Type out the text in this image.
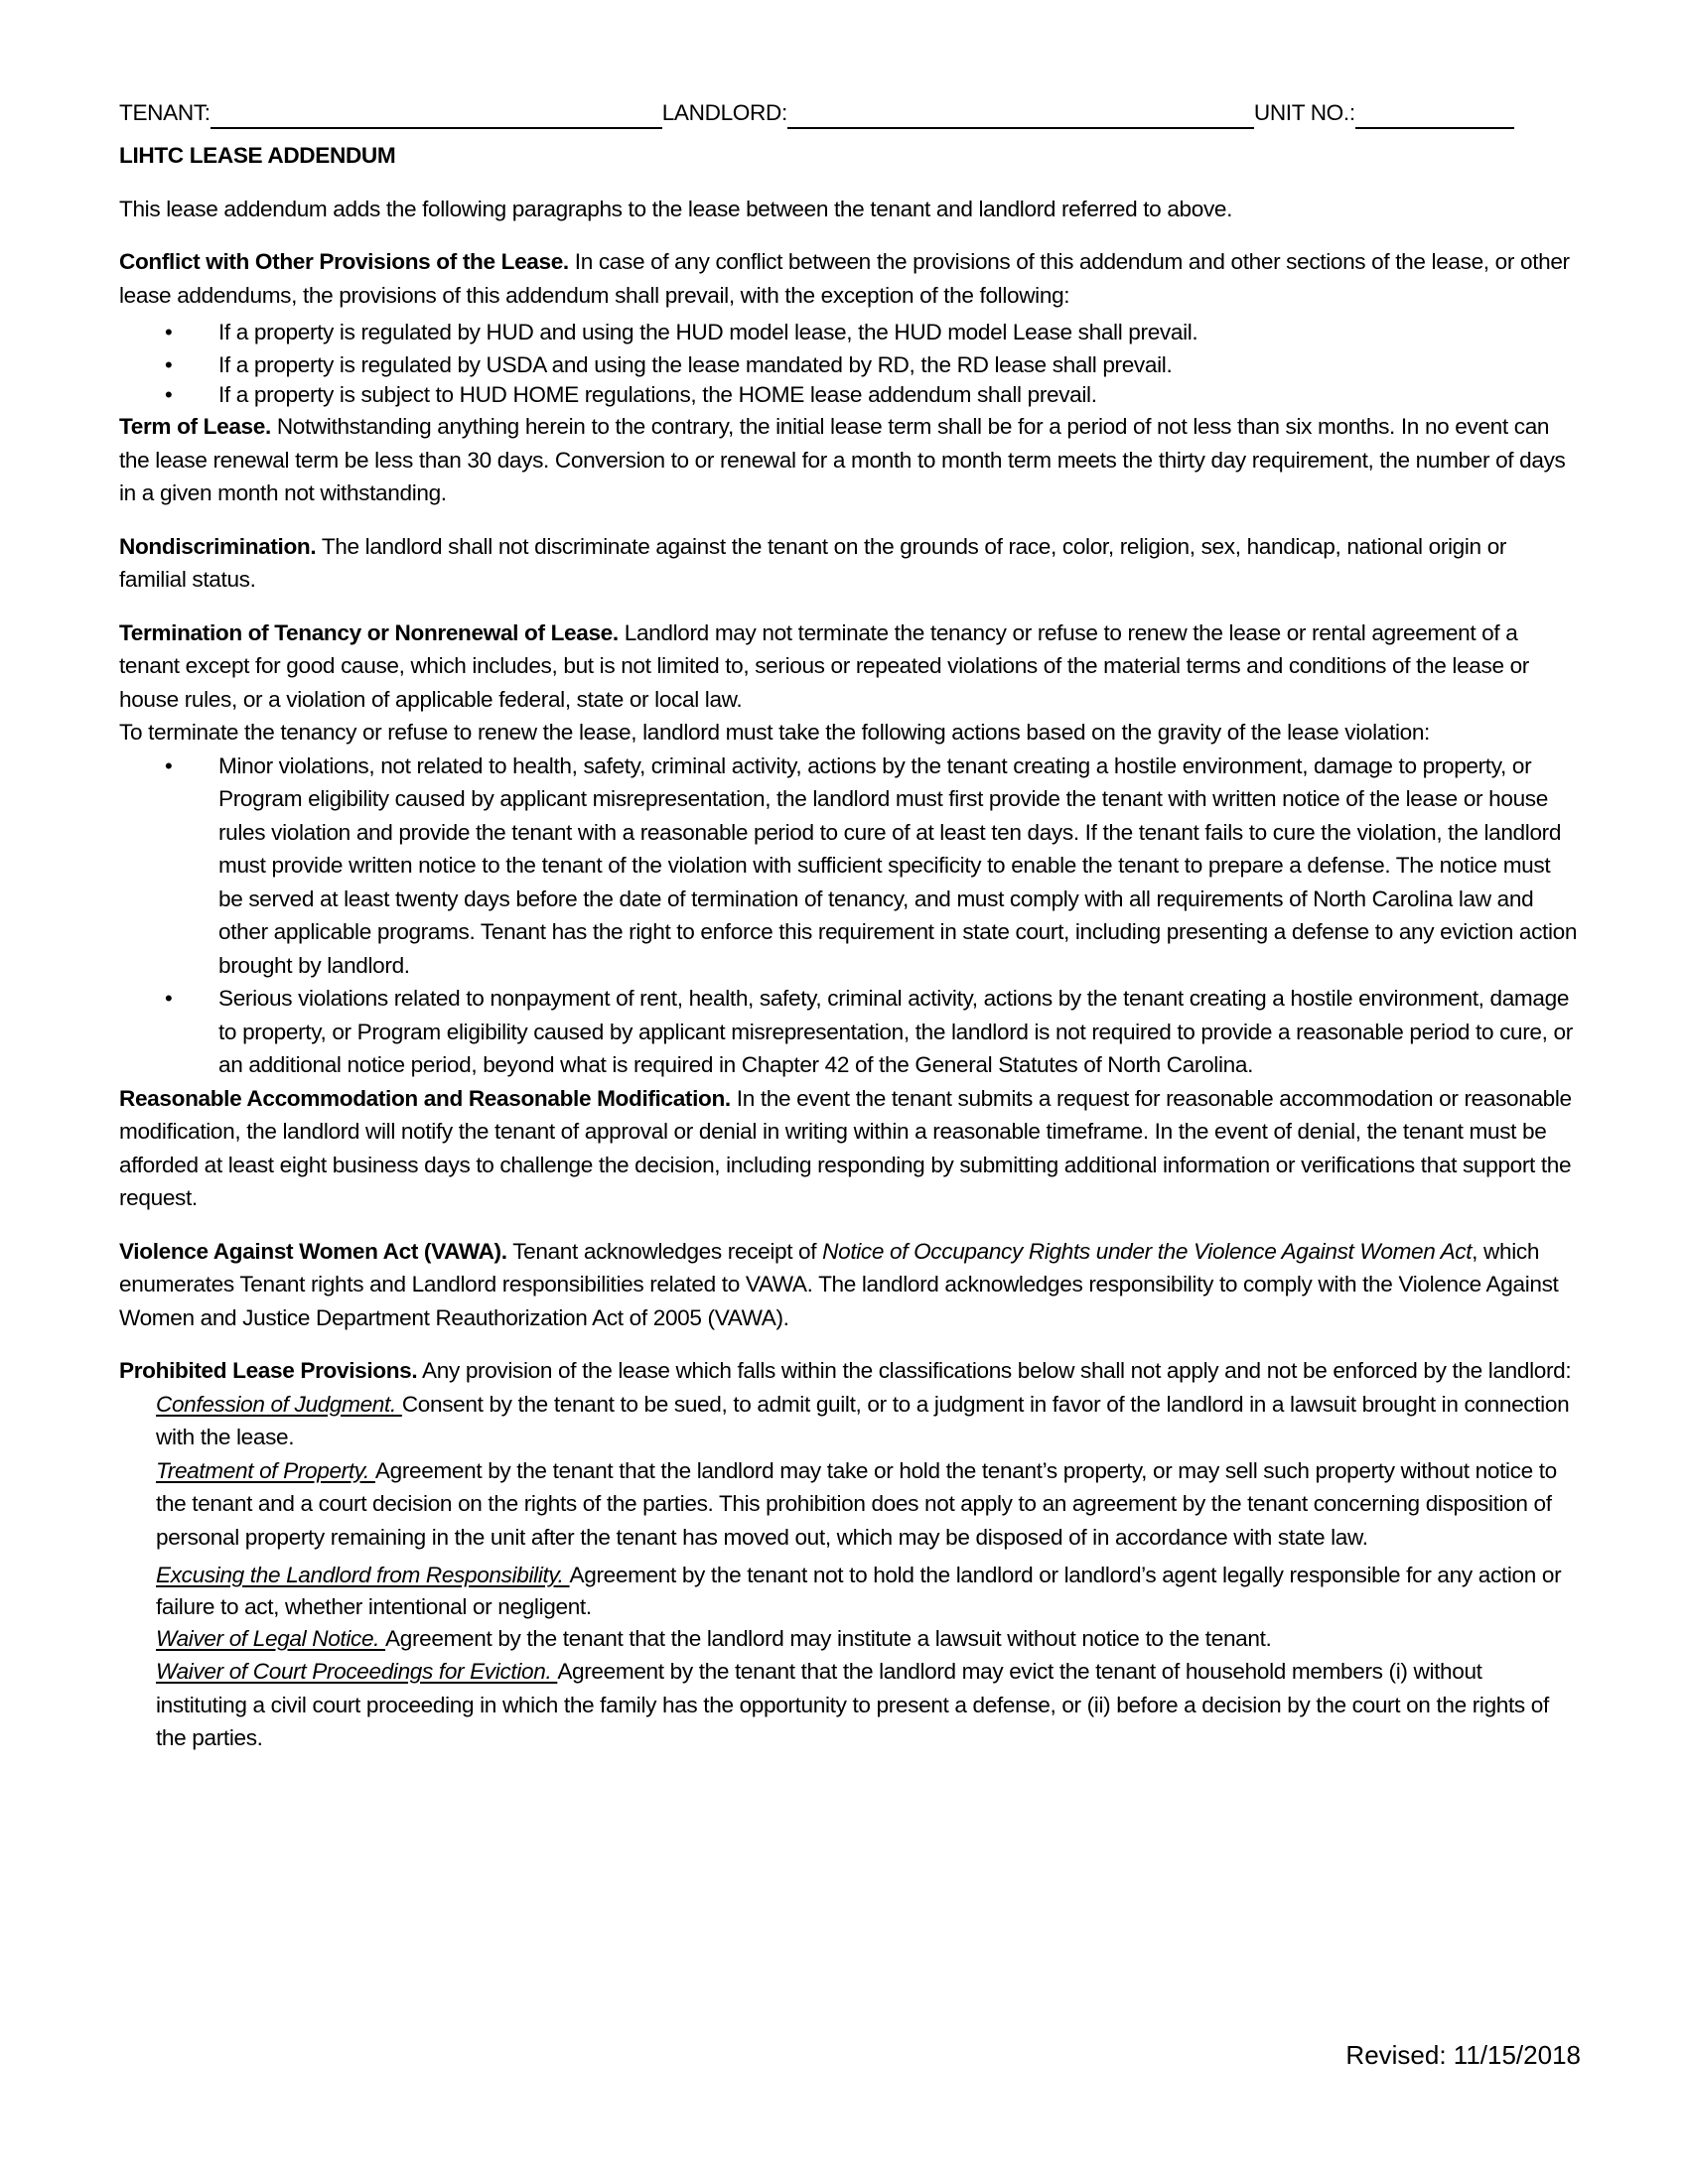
TENANT:	LANDLORD:	UNIT NO.:
LIHTC LEASE ADDENDUM

This lease addendum adds the following paragraphs to the lease between the tenant and landlord referred to above.

Conflict with Other Provisions of the Lease. In case of any conflict between the provisions of this addendum and other sections of the lease, or other lease addendums, the provisions of this addendum shall prevail, with the exception of the following:

• If a property is regulated by HUD and using the HUD model lease, the HUD model Lease shall prevail.
• If a property is regulated by USDA and using the lease mandated by RD, the RD lease shall prevail.
• If a property is subject to HUD HOME regulations, the HOME lease addendum shall prevail.

Term of Lease. Notwithstanding anything herein to the contrary, the initial lease term shall be for a period of not less than six months. In no event can the lease renewal term be less than 30 days. Conversion to or renewal for a month to month term meets the thirty day requirement, the number of days in a given month not withstanding.

Nondiscrimination. The landlord shall not discriminate against the tenant on the grounds of race, color, religion, sex, handicap, national origin or familial status.

Termination of Tenancy or Nonrenewal of Lease. Landlord may not terminate the tenancy or refuse to renew the lease or rental agreement of a tenant except for good cause, which includes, but is not limited to, serious or repeated violations of the material terms and conditions of the lease or house rules, or a violation of applicable federal, state or local law.

To terminate the tenancy or refuse to renew the lease, landlord must take the following actions based on the gravity of the lease violation:

• Minor violations, not related to health, safety, criminal activity, actions by the tenant creating a hostile environment, damage to property, or Program eligibility caused by applicant misrepresentation, the landlord must first provide the tenant with written notice of the lease or house rules violation and provide the tenant with a reasonable period to cure of at least ten days. If the tenant fails to cure the violation, the landlord must provide written notice to the tenant of the violation with sufficient specificity to enable the tenant to prepare a defense. The notice must be served at least twenty days before the date of termination of tenancy, and must comply with all requirements of North Carolina law and other applicable programs. Tenant has the right to enforce this requirement in state court, including presenting a defense to any eviction action brought by landlord.
• Serious violations related to nonpayment of rent, health, safety, criminal activity, actions by the tenant creating a hostile environment, damage to property, or Program eligibility caused by applicant misrepresentation, the landlord is not required to provide a reasonable period to cure, or an additional notice period, beyond what is required in Chapter 42 of the General Statutes of North Carolina.

Reasonable Accommodation and Reasonable Modification. In the event the tenant submits a request for reasonable accommodation or reasonable modification, the landlord will notify the tenant of approval or denial in writing within a reasonable timeframe. In the event of denial, the tenant must be afforded at least eight business days to challenge the decision, including responding by submitting additional information or verifications that support the request.

Violence Against Women Act (VAWA). Tenant acknowledges receipt of Notice of Occupancy Rights under the Violence Against Women Act, which enumerates Tenant rights and Landlord responsibilities related to VAWA. The landlord acknowledges responsibility to comply with the Violence Against Women and Justice Department Reauthorization Act of 2005 (VAWA).

Prohibited Lease Provisions. Any provision of the lease which falls within the classifications below shall not apply and not be enforced by the landlord:

Confession of Judgment. Consent by the tenant to be sued, to admit guilt, or to a judgment in favor of the landlord in a lawsuit brought in connection with the lease.

Treatment of Property. Agreement by the tenant that the landlord may take or hold the tenant’s property, or may sell such property without notice to the tenant and a court decision on the rights of the parties. This prohibition does not apply to an agreement by the tenant concerning disposition of personal property remaining in the unit after the tenant has moved out, which may be disposed of in accordance with state law.

Excusing the Landlord from Responsibility. Agreement by the tenant not to hold the landlord or landlord’s agent legally responsible for any action or failure to act, whether intentional or negligent.

Waiver of Legal Notice. Agreement by the tenant that the landlord may institute a lawsuit without notice to the tenant.

Waiver of Court Proceedings for Eviction. Agreement by the tenant that the landlord may evict the tenant of household members (i) without instituting a civil court proceeding in which the family has the opportunity to present a defense, or (ii) before a decision by the court on the rights of the parties.

Revised: 11/15/2018
